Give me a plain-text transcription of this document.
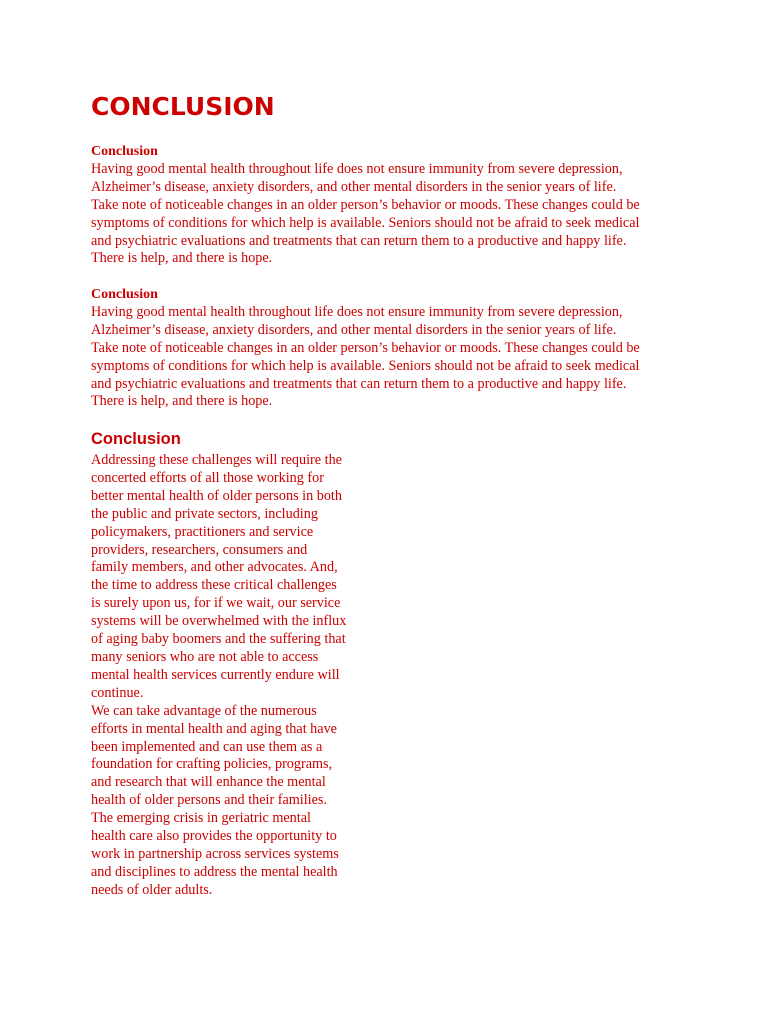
CONCLUSION

Conclusion

Having good mental health throughout life does not ensure immunity from severe depression,
Alzheimer’s disease, anxiety disorders, and other mental disorders in the senior years of life.
Take note of noticeable changes in an older person’s behavior or moods. These changes could be
symptoms of conditions for which help is available. Seniors should not be afraid to seek medical
and psychiatric evaluations and treatments that can return them to a productive and happy life.
There is help, and there is hope.

Conclusion

Having good mental health throughout life does not ensure immunity from severe depression,
Alzheimer’s disease, anxiety disorders, and other mental disorders in the senior years of life.
Take note of noticeable changes in an older person’s behavior or moods. These changes could be
symptoms of conditions for which help is available. Seniors should not be afraid to seek medical
and psychiatric evaluations and treatments that can return them to a productive and happy life.
There is help, and there is hope.

Conclusion

Addressing these challenges will require the
concerted efforts of all those working for
better mental health of older persons in both
the public and private sectors, including
policymakers, practitioners and service
providers, researchers, consumers and
family members, and other advocates. And,
the time to address these critical challenges
is surely upon us, for if we wait, our service
systems will be overwhelmed with the influx
of aging baby boomers and the suffering that
many seniors who are not able to access
mental health services currently endure will
continue.
We can take advantage of the numerous
efforts in mental health and aging that have
been implemented and can use them as a
foundation for crafting policies, programs,
and research that will enhance the mental
health of older persons and their families.
The emerging crisis in geriatric mental
health care also provides the opportunity to
work in partnership across services systems
and disciplines to address the mental health
needs of older adults.
